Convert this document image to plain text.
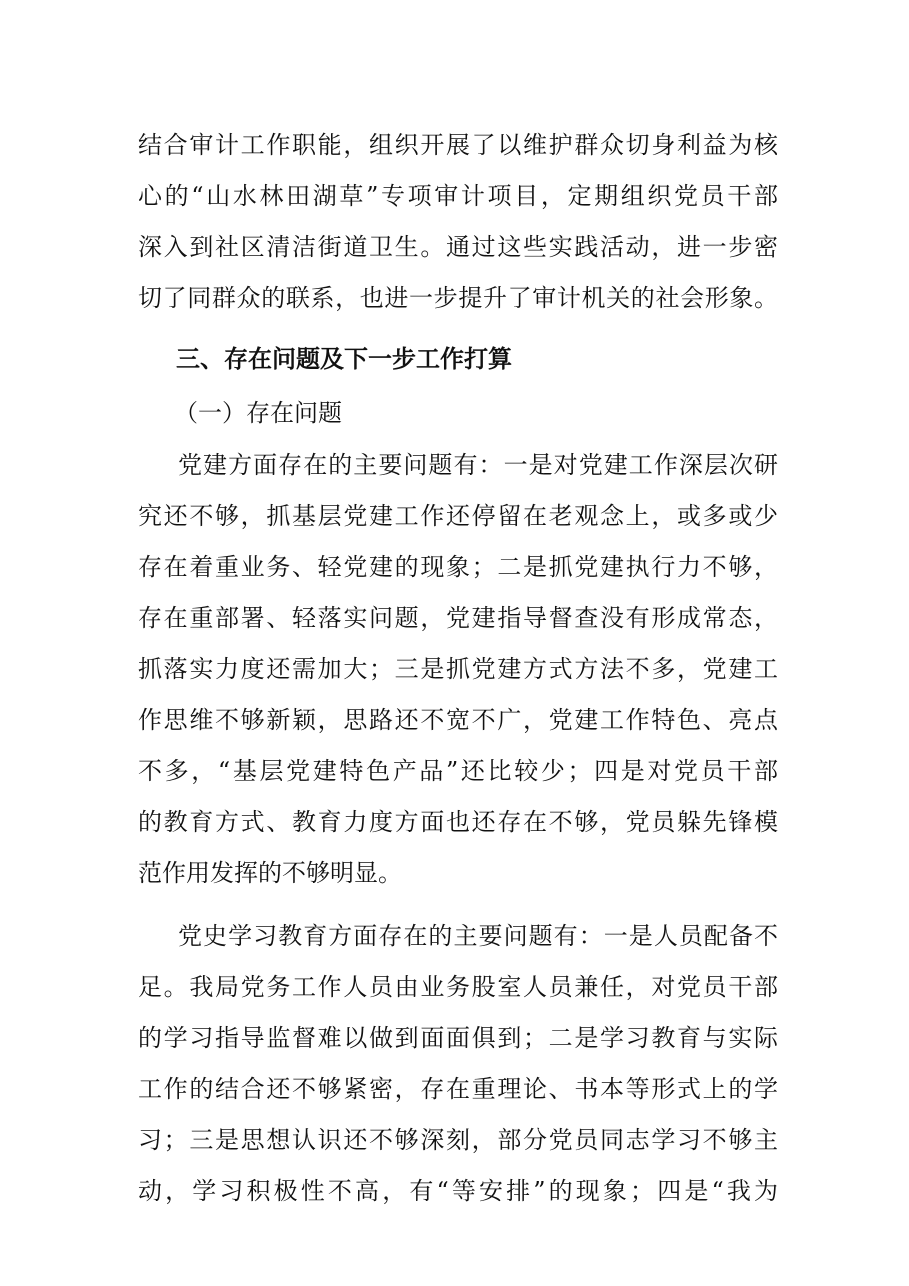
结合审计工作职能，组织开展了以维护群众切身利益为核
心的“山水林田湖草”专项审计项目，定期组织党员干部
深入到社区清洁街道卫生。通过这些实践活动，进一步密
切了同群众的联系，也进一步提升了审计机关的社会形象。
三、存在问题及下一步工作打算
（一）存在问题
党建方面存在的主要问题有：一是对党建工作深层次研
究还不够，抓基层党建工作还停留在老观念上，或多或少
存在着重业务、轻党建的现象；二是抓党建执行力不够，
存在重部署、轻落实问题，党建指导督查没有形成常态，
抓落实力度还需加大；三是抓党建方式方法不多，党建工
作思维不够新颖，思路还不宽不广，党建工作特色、亮点
不多，“基层党建特色产品”还比较少；四是对党员干部
的教育方式、教育力度方面也还存在不够，党员躲先锋模
范作用发挥的不够明显。
党史学习教育方面存在的主要问题有：一是人员配备不
足。我局党务工作人员由业务股室人员兼任，对党员干部
的学习指导监督难以做到面面俱到；二是学习教育与实际
工作的结合还不够紧密，存在重理论、书本等形式上的学
习；三是思想认识还不够深刻，部分党员同志学习不够主
动，学习积极性不高，有“等安排”的现象；四是“我为
